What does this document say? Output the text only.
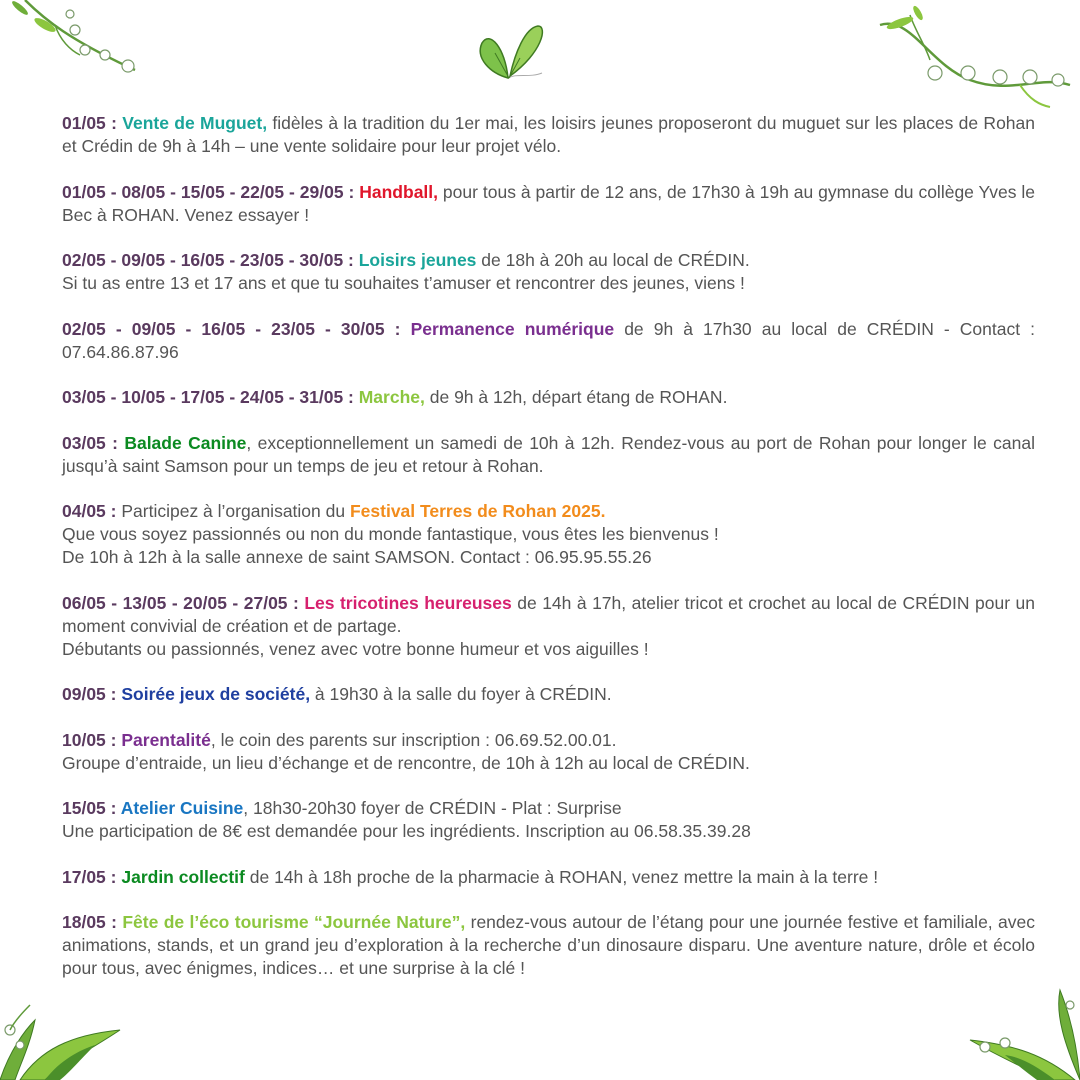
01/05 : Vente de Muguet, fidèles à la tradition du 1er mai, les loisirs jeunes proposeront du muguet sur les places de Rohan et Crédin de 9h à 14h – une vente solidaire pour leur projet vélo.

01/05 - 08/05 - 15/05 - 22/05 - 29/05 : Handball, pour tous à partir de 12 ans, de 17h30 à 19h au gymnase du collège Yves le Bec à ROHAN. Venez essayer !

02/05 - 09/05 - 16/05 - 23/05 - 30/05 : Loisirs jeunes de 18h à 20h au local de CRÉDIN.
Si tu as entre 13 et 17 ans et que tu souhaites t’amuser et rencontrer des jeunes, viens !

02/05 - 09/05 - 16/05 - 23/05 - 30/05 : Permanence numérique de 9h à 17h30 au local de CRÉDIN - Contact : 07.64.86.87.96

03/05 - 10/05 - 17/05 - 24/05 - 31/05 : Marche, de 9h à 12h, départ étang de ROHAN.

03/05 : Balade Canine, exceptionnellement un samedi de 10h à 12h. Rendez-vous au port de Rohan pour longer le canal jusqu’à saint Samson pour un temps de jeu et retour à Rohan.

04/05 : Participez à l’organisation du Festival Terres de Rohan 2025.
Que vous soyez passionnés ou non du monde fantastique, vous êtes les bienvenus !
De 10h à 12h à la salle annexe de saint SAMSON. Contact : 06.95.95.55.26

06/05 - 13/05 - 20/05 - 27/05 : Les tricotines heureuses de 14h à 17h, atelier tricot et crochet au local de CRÉDIN pour un moment convivial de création et de partage.
Débutants ou passionnés, venez avec votre bonne humeur et vos aiguilles !

09/05 : Soirée jeux de société, à 19h30 à la salle du foyer à CRÉDIN.

10/05 : Parentalité, le coin des parents sur inscription : 06.69.52.00.01.
Groupe d’entraide, un lieu d’échange et de rencontre, de 10h à 12h au local de CRÉDIN.

15/05 : Atelier Cuisine, 18h30-20h30 foyer de CRÉDIN - Plat : Surprise
Une participation de 8€ est demandée pour les ingrédients. Inscription au 06.58.35.39.28

17/05 : Jardin collectif de 14h à 18h proche de la pharmacie à ROHAN, venez mettre la main à la terre !

18/05 : Fête de l’éco tourisme “Journée Nature”, rendez-vous autour de l’étang pour une journée festive et familiale, avec animations, stands, et un grand jeu d’exploration à la recherche d’un dinosaure disparu. Une aventure nature, drôle et écolo pour tous, avec énigmes, indices… et une surprise à la clé !
